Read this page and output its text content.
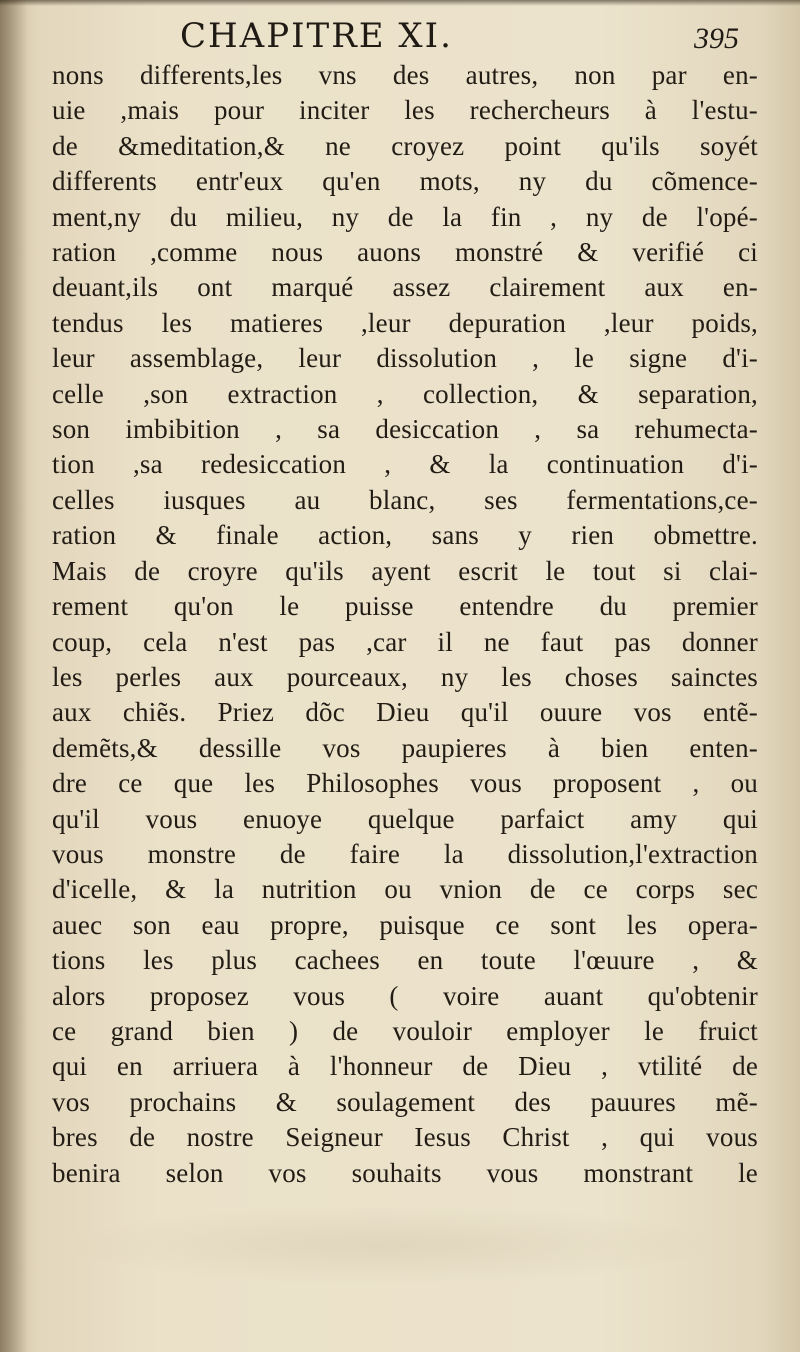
CHAPITRE XI.	395
nons differents,les vns des autres, non par en-
uie ,mais pour inciter les rechercheurs à l'estu-
de &meditation,& ne croyez point qu'ils soyét
differents entr'eux qu'en mots, ny du cõmence-
ment,ny du milieu, ny de la fin , ny de l'opé-
ration ,comme nous auons monstré & verifié ci
deuant,ils ont marqué assez clairement aux en-
tendus les matieres ,leur depuration ,leur poids,
leur assemblage, leur dissolution , le signe d'i-
celle ,son extraction , collection, & separation,
son imbibition , sa desiccation , sa rehumecta-
tion ,sa redesiccation , & la continuation d'i-
celles iusques au blanc, ses fermentations,ce-
ration & finale action, sans y rien obmettre.
Mais de croyre qu'ils ayent escrit le tout si clai-
rement qu'on le puisse entendre du premier
coup, cela n'est pas ,car il ne faut pas donner
les perles aux pourceaux, ny les choses sainctes
aux chiẽs. Priez dõc Dieu qu'il ouure vos entẽ-
demẽts,& dessille vos paupieres à bien enten-
dre ce que les Philosophes vous proposent , ou
qu'il vous enuoye quelque parfaict amy qui
vous monstre de faire la dissolution,l'extraction
d'icelle, & la nutrition ou vnion de ce corps sec
auec son eau propre, puisque ce sont les opera-
tions les plus cachees en toute l'œuure , &
alors proposez vous ( voire auant qu'obtenir
ce grand bien ) de vouloir employer le fruict
qui en arriuera à l'honneur de Dieu , vtilité de
vos prochains & soulagement des pauures mẽ-
bres de nostre Seigneur Iesus Christ , qui vous
benira selon vos souhaits vous monstrant le
